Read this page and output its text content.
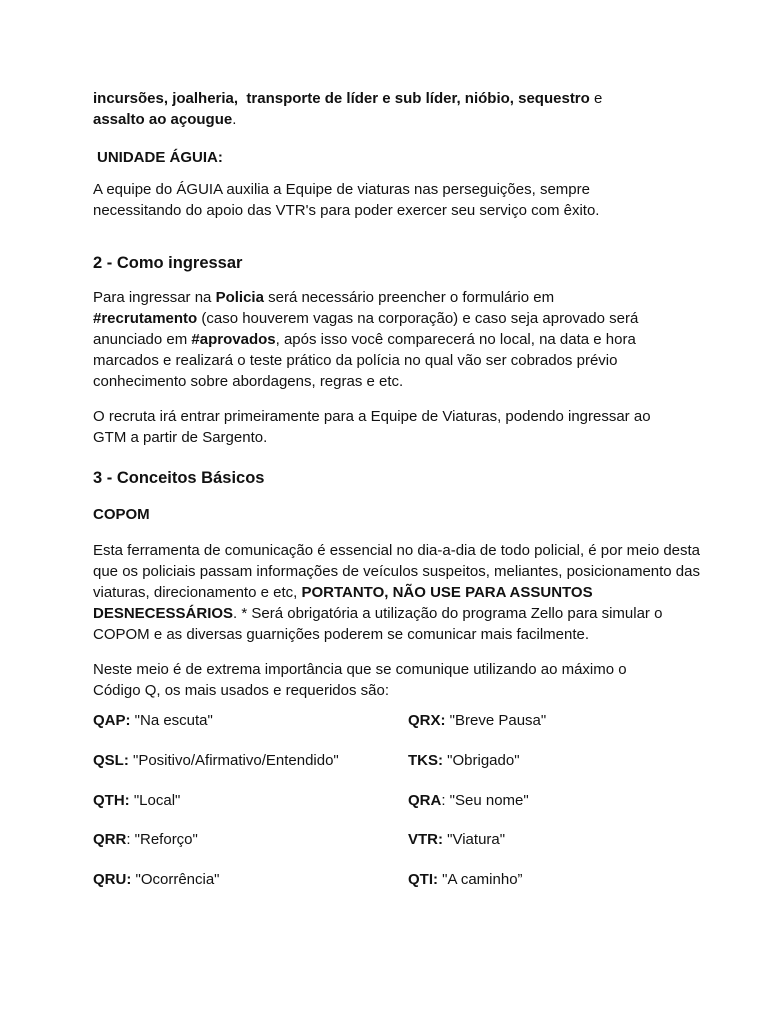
incursões, joalheria, transporte de líder e sub líder, nióbio, sequestro e

assalto ao açougue.

UNIDADE ÁGUIA:

A equipe do ÁGUIA auxilia a Equipe de viaturas nas perseguições, sempre

necessitando do apoio das VTR's para poder exercer seu serviço com êxito.

2 - Como ingressar

Para ingressar na Policia será necessário preencher o formulário em

#recrutamento (caso houverem vagas na corporação) e caso seja aprovado será

anunciado em #aprovados, após isso você comparecerá no local, na data e hora

marcados e realizará o teste prático da polícia no qual vão ser cobrados prévio

conhecimento sobre abordagens, regras e etc.

O recruta irá entrar primeiramente para a Equipe de Viaturas, podendo ingressar ao

GTM a partir de Sargento.

3 - Conceitos Básicos
COPOM

Esta ferramenta de comunicação é essencial no dia-a-dia de todo policial, é por meio desta

que os policiais passam informações de veículos suspeitos, meliantes, posicionamento das

viaturas, direcionamento e etc, PORTANTO, NÃO USE PARA ASSUNTOS

DESNECESSÁRIOS. * Será obrigatória a utilização do programa Zello para simular o

COPOM e as diversas guarnições poderem se comunicar mais facilmente.

Neste meio é de extrema importância que se comunique utilizando ao máximo o

Código Q, os mais usados e requeridos são:

QAP: "Na escuta"
QSL: "Positivo/Afirmativo/Entendido"
QTH: "Local"
QRR: "Reforço"
QRU: "Ocorrência"
QRX: "Breve Pausa"
TKS: "Obrigado"
QRA: "Seu nome"
VTR: "Viatura"
QTI: "A caminho”
